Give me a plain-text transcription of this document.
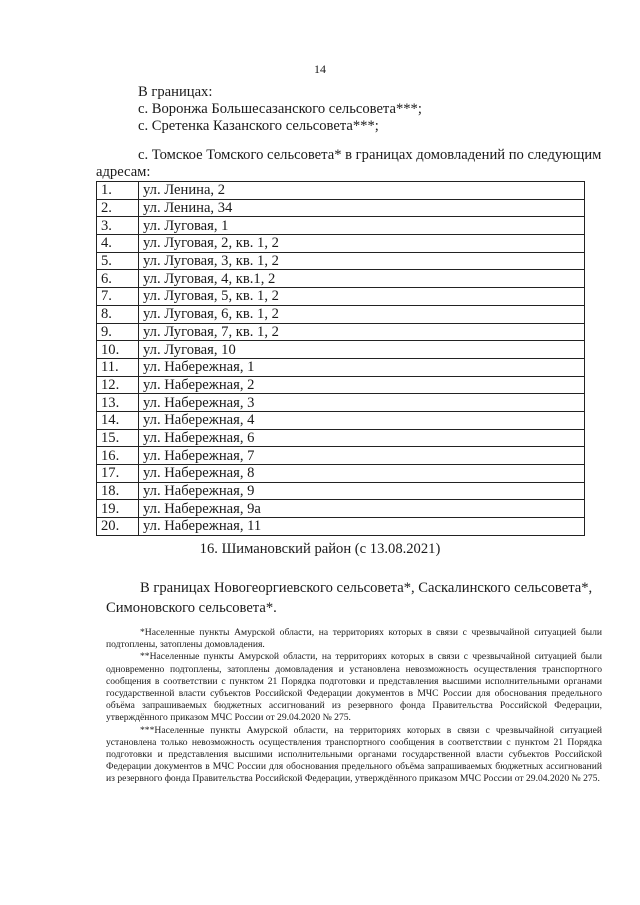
14
В границах:
с. Воронжа Большесазанского сельсовета***;
с. Сретенка Казанского сельсовета***;
с. Томское Томского сельсовета* в границах домовладений по следующим
адресам:
1.	ул. Ленина, 2
2.	ул. Ленина, 34
3.	ул. Луговая, 1
4.	ул. Луговая, 2, кв. 1, 2
5.	ул. Луговая, 3, кв. 1, 2
6.	ул. Луговая, 4, кв.1, 2
7.	ул. Луговая, 5, кв. 1, 2
8.	ул. Луговая, 6, кв. 1, 2
9.	ул. Луговая, 7, кв. 1, 2
10.	ул. Луговая, 10
11.	ул. Набережная, 1
12.	ул. Набережная, 2
13.	ул. Набережная, 3
14.	ул. Набережная, 4
15.	ул. Набережная, 6
16.	ул. Набережная, 7
17.	ул. Набережная, 8
18.	ул. Набережная, 9
19.	ул. Набережная, 9а
20.	ул. Набережная, 11
16. Шимановский район (с 13.08.2021)
В границах Новогеоргиевского сельсовета*, Саскалинского сельсовета*,
Симоновского сельсовета*.

*Населенные пункты Амурской области, на территориях которых в связи с чрезвычайной ситуацией были подтоплены, затоплены домовладения.

**Населенные пункты Амурской области, на территориях которых в связи с чрезвычайной ситуацией были одновременно подтоплены, затоплены домовладения и установлена невозможность осуществления транспортного сообщения в соответствии с пунктом 21 Порядка подготовки и представления высшими исполнительными органами государственной власти субъектов Российской Федерации документов в МЧС России для обоснования предельного объёма запрашиваемых бюджетных ассигнований из резервного фонда Правительства Российской Федерации, утверждённого приказом МЧС России от 29.04.2020 № 275.

***Населенные пункты Амурской области, на территориях которых в связи с чрезвычайной ситуацией установлена только невозможность осуществления транспортного сообщения в соответствии с пунктом 21 Порядка подготовки и представления высшими исполнительными органами государственной власти субъектов Российской Федерации документов в МЧС России для обоснования предельного объёма запрашиваемых бюджетных ассигнований из резервного фонда Правительства Российской Федерации, утверждённого приказом МЧС России от 29.04.2020 № 275.
